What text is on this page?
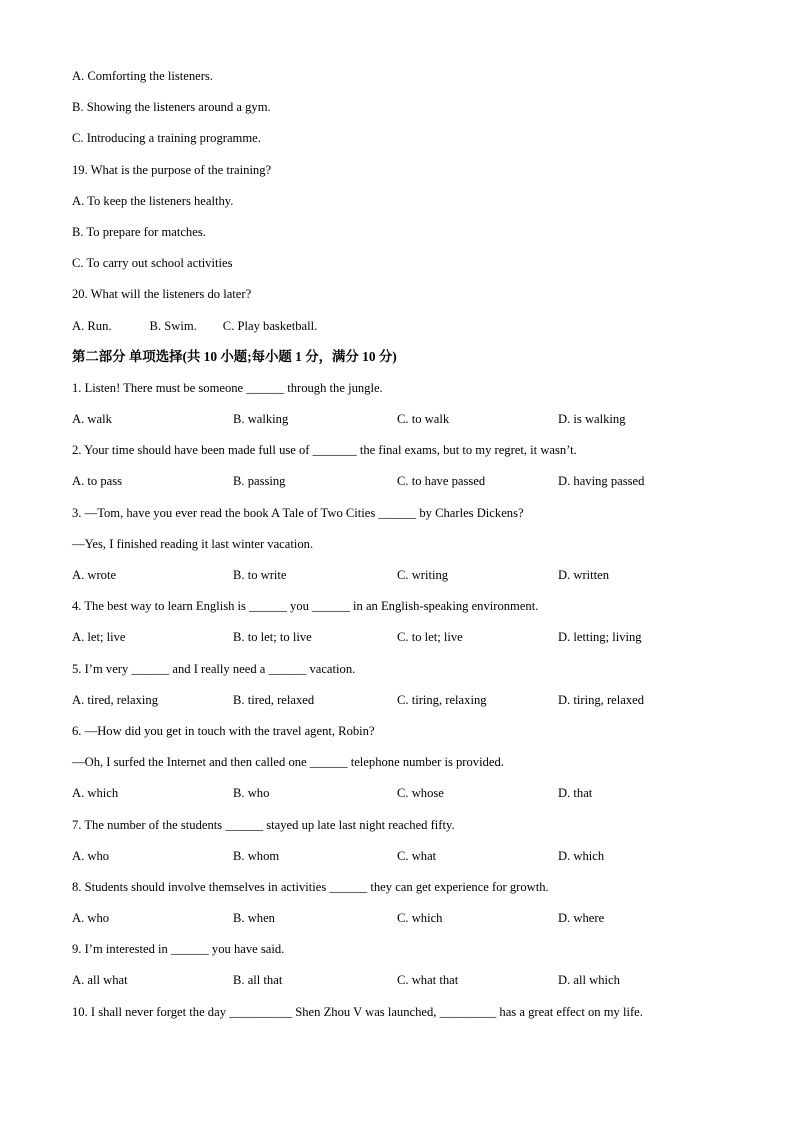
A. Comforting the listeners.
B. Showing the listeners around a gym.
C. Introducing a training programme.
19. What is the purpose of the training?
A. To keep the listeners healthy.
B. To prepare for matches.
C. To carry out school activities
20. What will the listeners do later?
A. Run.	B. Swim. C. Play basketball.
第二部分 单项选择(共 10 小题;每小题 1 分，满分 10 分)
1. Listen! There must be someone ______ through the jungle.
A. walk	B. walking	C. to walk	D. is walking
2. Your time should have been made full use of _______ the final exams, but to my regret, it wasn’t.
A. to pass	B. passing	C. to have passed	D. having passed
3. —Tom, have you ever read the book A Tale of Two Cities ______ by Charles Dickens?
—Yes, I finished reading it last winter vacation.
A. wrote	B. to write	C. writing	D. written
4. The best way to learn English is ______ you ______ in an English-speaking environment.
A. let; live	B. to let; to live	C. to let; live	D. letting; living
5. I’m very ______ and I really need a ______ vacation.
A. tired, relaxing	B. tired, relaxed	C. tiring, relaxing	D. tiring, relaxed
6. —How did you get in touch with the travel agent, Robin?
—Oh, I surfed the Internet and then called one ______ telephone number is provided.
A. which	B. who	C. whose	D. that
7. The number of the students ______ stayed up late last night reached fifty.
A. who	B. whom	C. what	D. which
8. Students should involve themselves in activities ______ they can get experience for growth.
A. who	B. when	C. which	D. where
9. I’m interested in ______ you have said.
A. all what	B. all that	C. what that	D. all which
10. I shall never forget the day __________ Shen Zhou V was launched, _________ has a great effect on my life.
